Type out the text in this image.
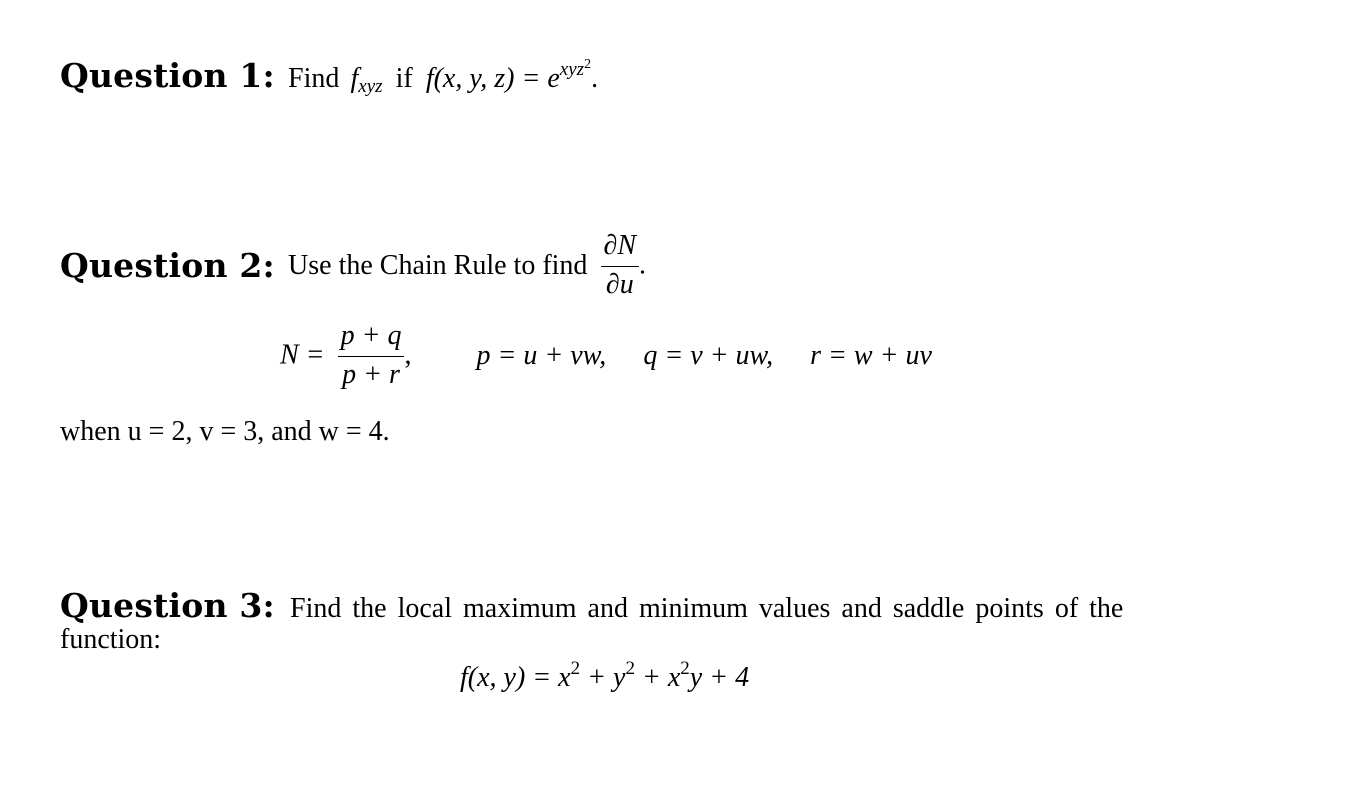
Question 1: Find $f_{xyz}$ if f(x, y, $z) = e^{xyz^2}$.
Question 2: Use the Chain Rule to find $\frac{\partial N}{\partial u}$ .
$N = \frac{p + q}{p + r}$ , p = u + vw, q = v + uw, r = w + uv
when u = 2, v = 3, and w = 4.
Question 3: Find the local maximum and minimum values and saddle points of the
function:
f(x, $y) = x^2 + y^2 + x^2y + 4$
